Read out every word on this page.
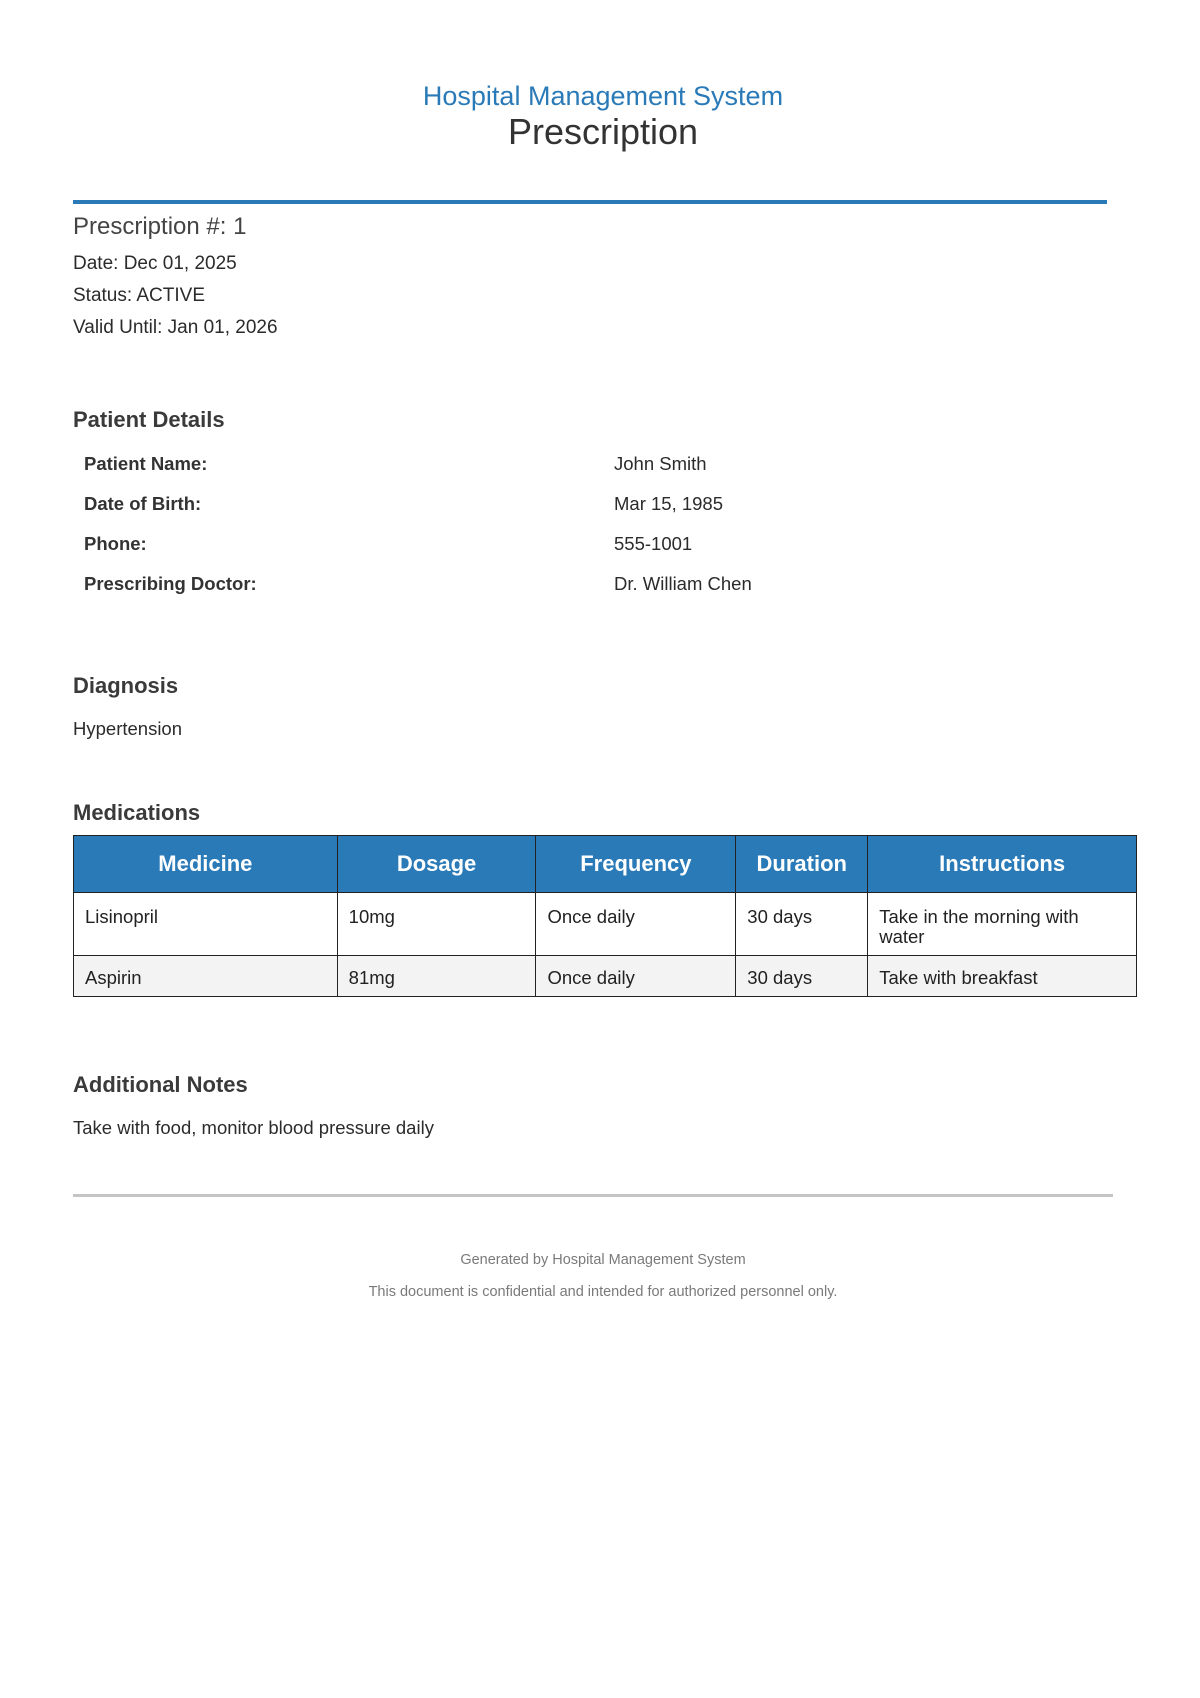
Hospital Management System
Prescription
Prescription #: 1
Date: Dec 01, 2025
Status: ACTIVE
Valid Until: Jan 01, 2026
Patient Details
Patient Name:	John Smith
Date of Birth:	Mar 15, 1985
Phone:	555-1001
Prescribing Doctor:	Dr. William Chen
Diagnosis
Hypertension
Medications
Medicine	Dosage	Frequency	Duration	Instructions
Lisinopril	10mg	Once daily	30 days	Take in the morning with water
Aspirin	81mg	Once daily	30 days	Take with breakfast
Additional Notes
Take with food, monitor blood pressure daily
Generated by Hospital Management System
This document is confidential and intended for authorized personnel only.
